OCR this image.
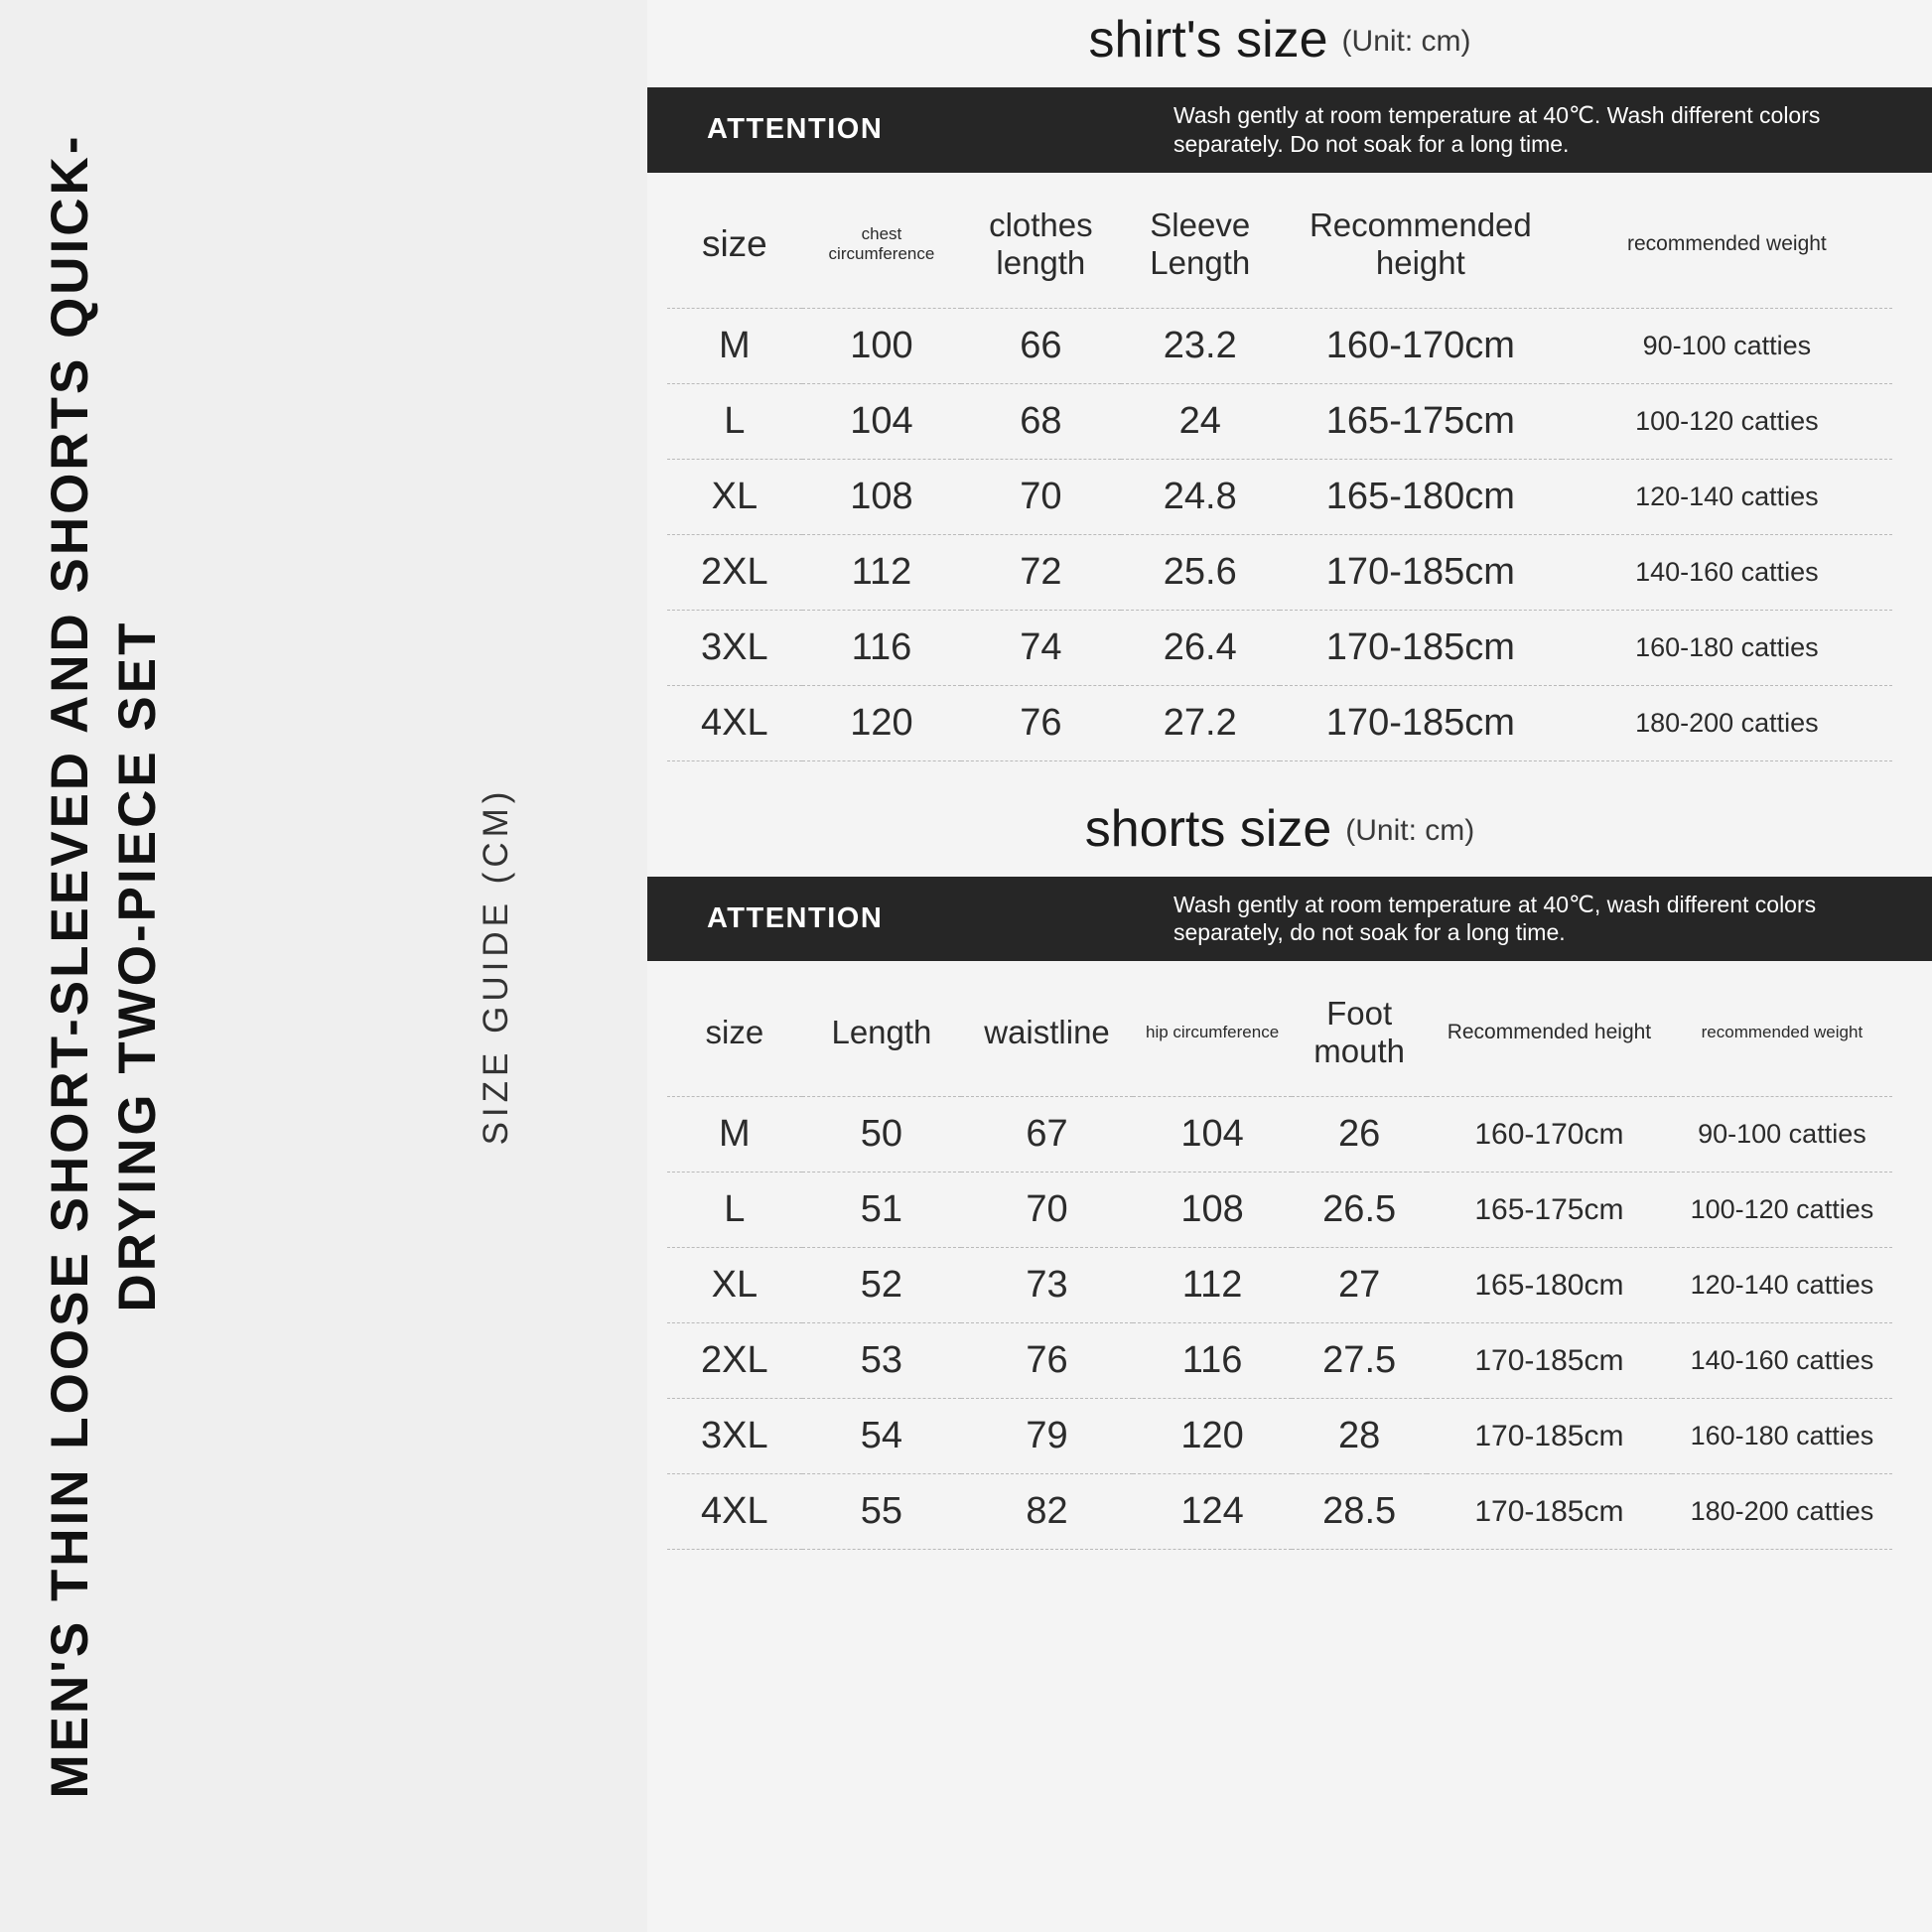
MEN'S THIN LOOSE SHORT-SLEEVED AND SHORTS QUICK-DRYING TWO-PIECE SET	SIZE GUIDE (CM)
shirt's size (Unit: cm)
ATTENTION	Wash gently at room temperature at 40℃. Wash different colors separately. Do not soak for a long time.
size	chest circumference	clothes length	Sleeve Length	Recommended height	recommended weight
M	100	66	23.2	160-170cm	90-100 catties
L	104	68	24	165-175cm	100-120 catties
XL	108	70	24.8	165-180cm	120-140 catties
2XL	112	72	25.6	170-185cm	140-160 catties
3XL	116	74	26.4	170-185cm	160-180 catties
4XL	120	76	27.2	170-185cm	180-200 catties
shorts size (Unit: cm)
ATTENTION	Wash gently at room temperature at 40℃, wash different colors separately, do not soak for a long time.
size	Length	waistline	hip circumference	Foot mouth	Recommended height	recommended weight
M	50	67	104	26	160-170cm	90-100 catties
L	51	70	108	26.5	165-175cm	100-120 catties
XL	52	73	112	27	165-180cm	120-140 catties
2XL	53	76	116	27.5	170-185cm	140-160 catties
3XL	54	79	120	28	170-185cm	160-180 catties
4XL	55	82	124	28.5	170-185cm	180-200 catties
